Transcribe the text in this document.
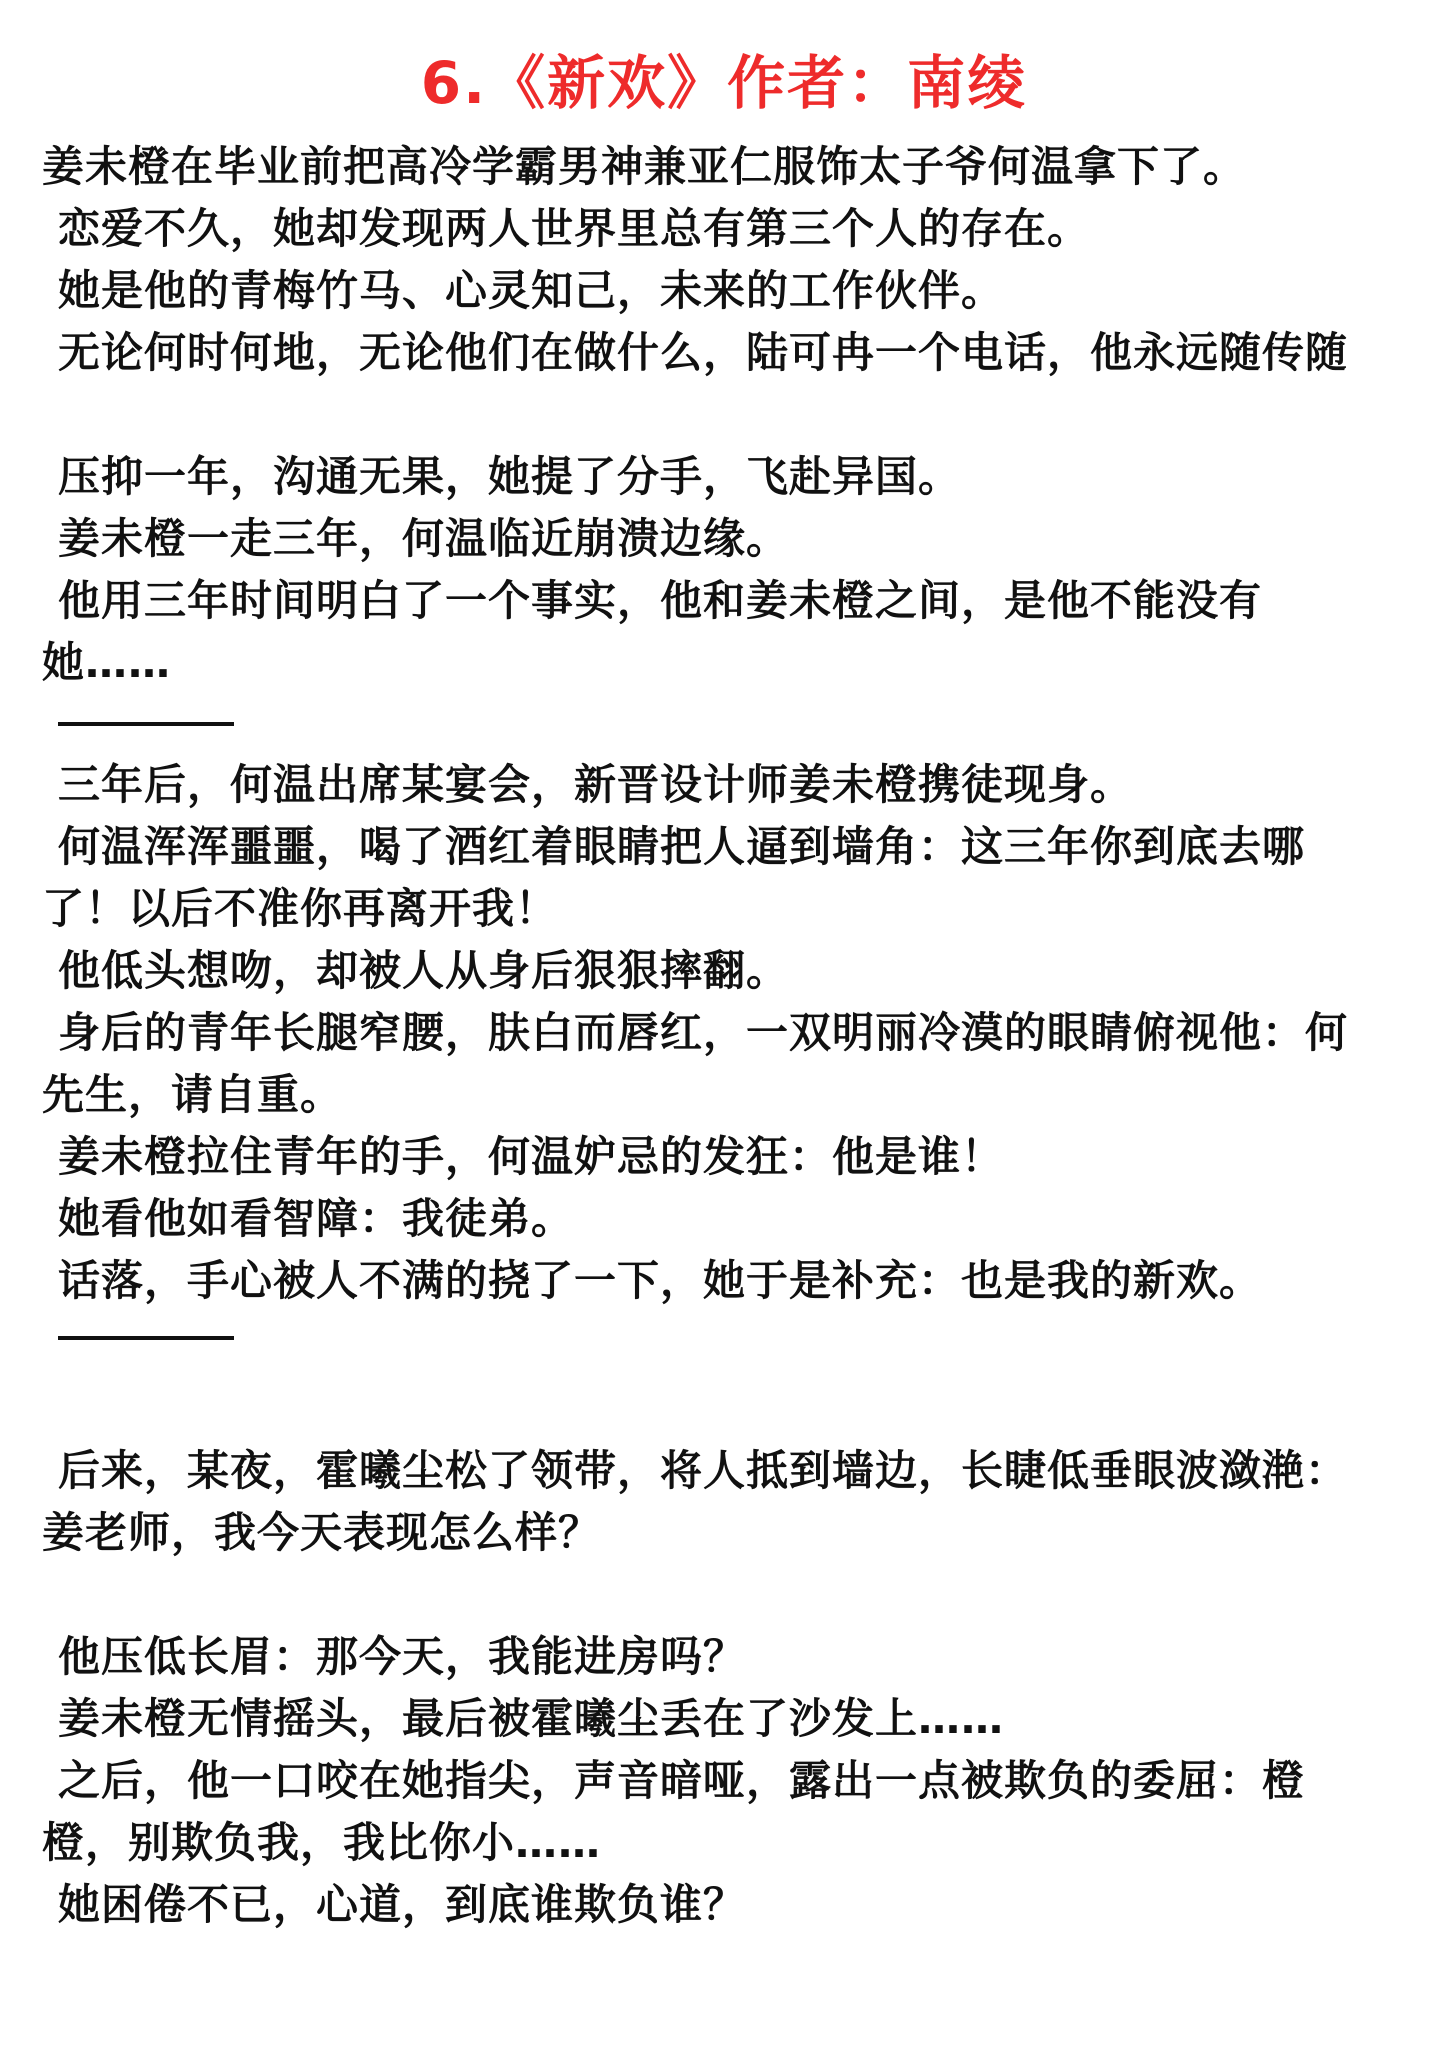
6.《新欢》作者：南绫
姜未橙在毕业前把高冷学霸男神兼亚仁服饰太子爷何温拿下了。
恋爱不久，她却发现两人世界里总有第三个人的存在。
她是他的青梅竹马、心灵知己，未来的工作伙伴。
无论何时何地，无论他们在做什么，陆可冉一个电话，他永远随传随
压抑一年，沟通无果，她提了分手，飞赴异国。
姜未橙一走三年，何温临近崩溃边缘。
他用三年时间明白了一个事实，他和姜未橙之间，是他不能没有
她……
三年后，何温出席某宴会，新晋设计师姜未橙携徒现身。
何温浑浑噩噩，喝了酒红着眼睛把人逼到墙角：这三年你到底去哪
了！以后不准你再离开我！
他低头想吻，却被人从身后狠狠摔翻。
身后的青年长腿窄腰，肤白而唇红，一双明丽冷漠的眼睛俯视他：何
先生，请自重。
姜未橙拉住青年的手，何温妒忌的发狂：他是谁！
她看他如看智障：我徒弟。
话落，手心被人不满的挠了一下，她于是补充：也是我的新欢。
后来，某夜，霍曦尘松了领带，将人抵到墙边，长睫低垂眼波潋滟：
姜老师，我今天表现怎么样？
他压低长眉：那今天，我能进房吗？
姜未橙无情摇头，最后被霍曦尘丢在了沙发上……
之后，他一口咬在她指尖，声音暗哑，露出一点被欺负的委屈：橙
橙，别欺负我，我比你小……
她困倦不已，心道，到底谁欺负谁？
